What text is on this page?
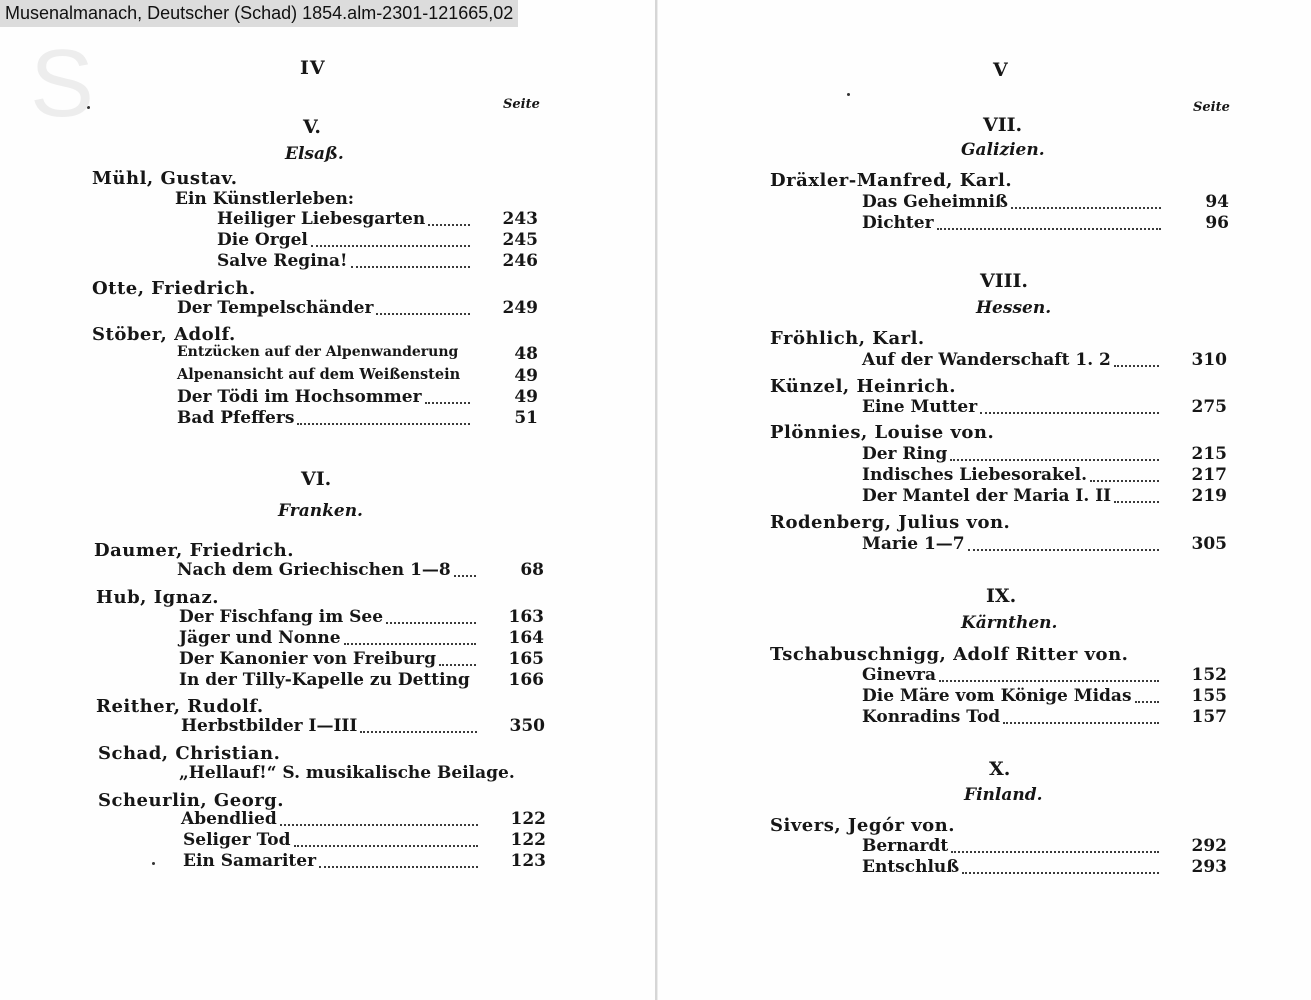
Musenalmanach, Deutscher (Schad) 1854.alm-2301-121665,02
S	IV
Seite
V.
Elsaß.
Mühl, Gustav.
Ein Künstlerleben:
Heiliger Liebesgarten	243
Die Orgel	245
Salve Regina!	246
Otte, Friedrich.
Der Tempelschänder	249
Stöber, Adolf.
Entzücken auf der Alpenwanderung	48
Alpenansicht auf dem Weißenstein	49
Der Tödi im Hochsommer	49
Bad Pfeffers	51
VI.
Franken.
Daumer, Friedrich.
Nach dem Griechischen 1—8	68
Hub, Ignaz.
Der Fischfang im See	163
Jäger und Nonne	164
Der Kanonier von Freiburg	165
In der Tilly-Kapelle zu Detting	166
Reither, Rudolf.
Herbstbilder I—III	350
Schad, Christian.
„Hellauf!“ S. musikalische Beilage.
Scheurlin, Georg.
Abendlied	122
Seliger Tod	122
Ein Samariter	123
V
Seite
VII.
Galizien.
Dräxler-Manfred, Karl.
Das Geheimniß	94
Dichter	96
VIII.
Hessen.
Fröhlich, Karl.
Auf der Wanderschaft 1. 2	310
Künzel, Heinrich.
Eine Mutter	275
Plönnies, Louise von.
Der Ring	215
Indisches Liebesorakel.	217
Der Mantel der Maria I. II	219
Rodenberg, Julius von.
Marie 1—7	305
IX.
Kärnthen.
Tschabuschnigg, Adolf Ritter von.
Ginevra	152
Die Märe vom Könige Midas	155
Konradins Tod	157
X.
Finland.
Sivers, Jegór von.
Bernardt	292
Entschluß	293
